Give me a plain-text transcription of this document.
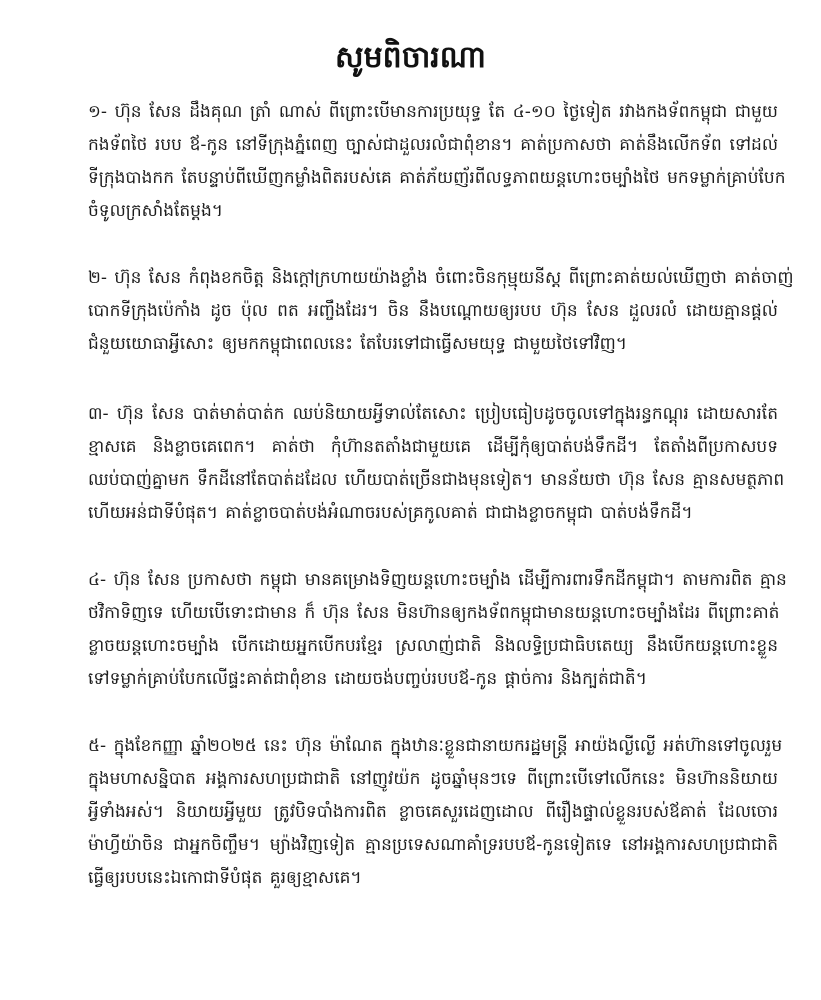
សូមពិចារណា
១- ហ៊ុន សែន ដឹងគុណ ត្រាំ ណាស់ ពីព្រោះបើមានការប្រយុទ្ធ តែ ៤-១០ ថ្ងៃទៀត រវាងកងទ័ពកម្ពុជា ជាមួយ
កងទ័ពថៃ របប ឪ-កូន នៅទីក្រុងភ្នំពេញ ច្បាស់ជាដួលរលំជាពុំខាន។ គាត់ប្រកាសថា គាត់នឹងលើកទ័ព ទៅដល់
ទីក្រុងបាងកក តែបន្ទាប់ពីឃើញកម្លាំងពិតរបស់គេ គាត់ភ័យញ័រពីលទ្ធភាពយន្តហោះចម្បាំងថៃ មកទម្លាក់គ្រាប់បែក
ចំទូលក្រសាំងតែម្តង។
២- ហ៊ុន សែន កំពុងខកចិត្ត និងក្តៅក្រហាយយ៉ាងខ្លាំង ចំពោះចិនកុម្មុយនីស្ត ពីព្រោះគាត់យល់ឃើញថា គាត់ចាញ់
បោកទីក្រុងប៉េកាំង ដូច ប៉ុល ពត អញ្ចឹងដែរ។ ចិន នឹងបណ្តោយឲ្យរបប ហ៊ុន សែន ដួលរលំ ដោយគ្មានផ្តល់
ជំនួយយោធាអ្វីសោះ ឲ្យមកកម្ពុជាពេលនេះ តែបែរទៅជាធ្វើសមយុទ្ធ ជាមួយថៃទៅវិញ។
៣- ហ៊ុន សែន បាត់មាត់បាត់ក ឈប់និយាយអ្វីទាល់តែសោះ ប្រៀបធៀបដូចចូលទៅក្នុងរន្ធកណ្តុរ ដោយសារតែ
ខ្មាសគេ និងខ្លាចគេពេក។ គាត់ថា កុំហ៊ានតតាំងជាមួយគេ ដើម្បីកុំឲ្យបាត់បង់ទឹកដី។ តែតាំងពីប្រកាសបទ
ឈប់បាញ់គ្នាមក ទឹកដីនៅតែបាត់ដដែល ហើយបាត់ច្រើនជាងមុនទៀត។ មានន័យថា ហ៊ុន សែន គ្មានសមត្ថភាព
ហើយអន់ជាទីបំផុត។ គាត់ខ្លាចបាត់បង់អំណាចរបស់គ្រកូលគាត់ ជាជាងខ្លាចកម្ពុជា បាត់បង់ទឹកដី។
៤- ហ៊ុន សែន ប្រកាសថា កម្ពុជា មានគម្រោងទិញយន្តហោះចម្បាំង ដើម្បីការពារទឹកដីកម្ពុជា។ តាមការពិត គ្មាន
ថវិកាទិញទេ ហើយបើទោះជាមាន ក៏ ហ៊ុន សែន មិនហ៊ានឲ្យកងទ័ពកម្ពុជាមានយន្តហោះចម្បាំងដែរ ពីព្រោះគាត់
ខ្លាចយន្តហោះចម្បាំង បើកដោយអ្នកបើកបរខ្មែរ ស្រលាញ់ជាតិ និងលទ្ធិប្រជាធិបតេយ្យ នឹងបើកយន្តហោះខ្លួន
ទៅទម្លាក់គ្រាប់បែកលើផ្ទះគាត់ជាពុំខាន ដោយចង់បញ្ចប់របបឪ-កូន ផ្តាច់ការ និងក្បត់ជាតិ។
៥- ក្នុងខែកញ្ញា ឆ្នាំ២០២៥ នេះ ហ៊ុន ម៉ាណែត ក្នុងឋានៈខ្លួនជានាយករដ្ឋមន្ត្រី អាយ៉ងល្ងីល្ងើ អត់ហ៊ានទៅចូលរួម
ក្នុងមហាសន្និបាត អង្គការសហប្រជាជាតិ នៅញូវយ៉ក ដូចឆ្នាំមុនៗទេ ពីព្រោះបើទៅលើកនេះ មិនហ៊ាននិយាយ
អ្វីទាំងអស់។ និយាយអ្វីមួយ ត្រូវបិទបាំងការពិត ខ្លាចគេសួរដេញដោល ពីរឿងផ្ទាល់ខ្លួនរបស់ឪគាត់ ដែលចោរ
ម៉ាហ្វីយ៉ាចិន ជាអ្នកចិញ្ចឹម។ ម្យ៉ាងវិញទៀត គ្មានប្រទេសណាគាំទ្ររបបឪ-កូនទៀតទេ នៅអង្គការសហប្រជាជាតិ
ធ្វើឲ្យរបបនេះឯកោជាទីបំផុត គួរឲ្យខ្មាសគេ។
